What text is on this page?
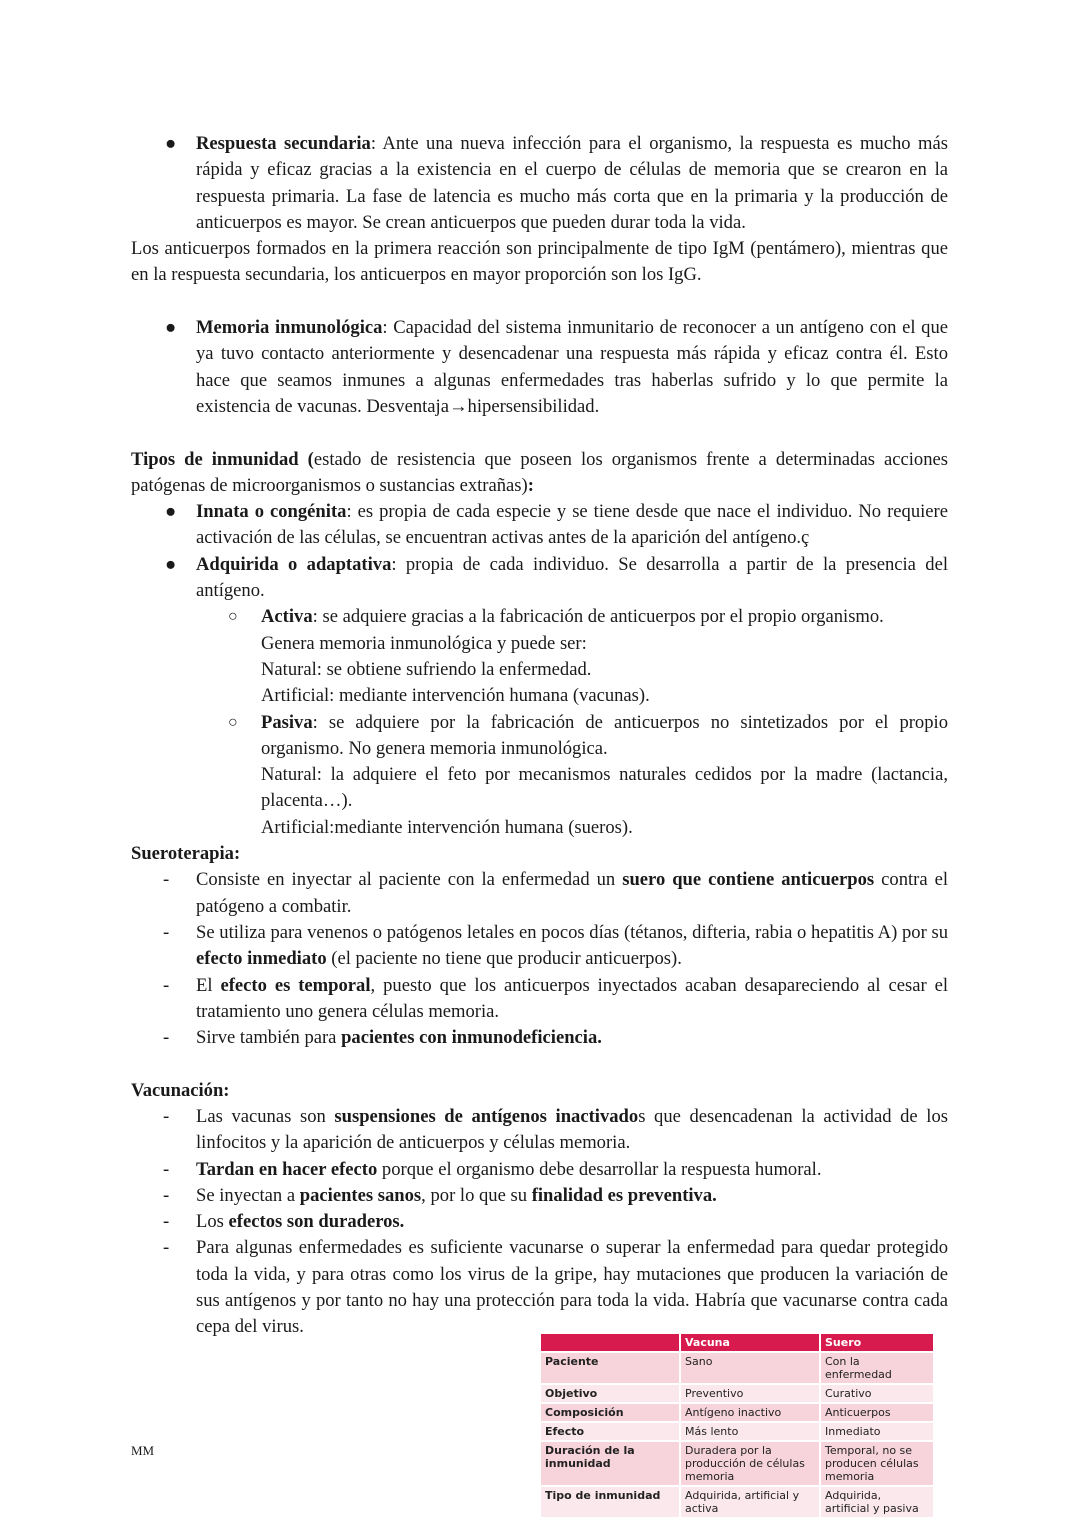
● Respuesta secundaria: Ante una nueva infección para el organismo, la respuesta es mucho más rápida y eficaz gracias a la existencia en el cuerpo de células de memoria que se crearon en la respuesta primaria. La fase de latencia es mucho más corta que en la primaria y la producción de anticuerpos es mayor. Se crean anticuerpos que pueden durar toda la vida.

Los anticuerpos formados en la primera reacción son principalmente de tipo IgM (pentámero), mientras que en la respuesta secundaria, los anticuerpos en mayor proporción son los IgG.

● Memoria inmunológica: Capacidad del sistema inmunitario de reconocer a un antígeno con el que ya tuvo contacto anteriormente y desencadenar una respuesta más rápida y eficaz contra él. Esto hace que seamos inmunes a algunas enfermedades tras haberlas sufrido y lo que permite la existencia de vacunas. Desventaja→hipersensibilidad.

Tipos de inmunidad (estado de resistencia que poseen los organismos frente a determinadas acciones patógenas de microorganismos o sustancias extrañas):

● Innata o congénita: es propia de cada especie y se tiene desde que nace el individuo. No requiere activación de las células, se encuentran activas antes de la aparición del antígeno.ç
● Adquirida o adaptativa: propia de cada individuo. Se desarrolla a partir de la presencia del antígeno.
○ Activa: se adquiere gracias a la fabricación de anticuerpos por el propio organismo.
Genera memoria inmunológica y puede ser:
Natural: se obtiene sufriendo la enfermedad.
Artificial: mediante intervención humana (vacunas).
○ Pasiva: se adquiere por la fabricación de anticuerpos no sintetizados por el propio organismo. No genera memoria inmunológica.
Natural: la adquiere el feto por mecanismos naturales cedidos por la madre (lactancia, placenta…).
Artificial:mediante intervención humana (sueros).

Sueroterapia:

- Consiste en inyectar al paciente con la enfermedad un suero que contiene anticuerpos contra el patógeno a combatir.
- Se utiliza para venenos o patógenos letales en pocos días (tétanos, difteria, rabia o hepatitis A) por su efecto inmediato (el paciente no tiene que producir anticuerpos).
- El efecto es temporal, puesto que los anticuerpos inyectados acaban desapareciendo al cesar el tratamiento uno genera células memoria.
- Sirve también para pacientes con inmunodeficiencia.

Vacunación:

- Las vacunas son suspensiones de antígenos inactivados que desencadenan la actividad de los linfocitos y la aparición de anticuerpos y células memoria.
- Tardan en hacer efecto porque el organismo debe desarrollar la respuesta humoral.
- Se inyectan a pacientes sanos, por lo que su finalidad es preventiva.
- Los efectos son duraderos.
- Para algunas enfermedades es suficiente vacunarse o superar la enfermedad para quedar protegido toda la vida, y para otras como los virus de la gripe, hay mutaciones que producen la variación de sus antígenos y por tanto no hay una protección para toda la vida. Habría que vacunarse contra cada cepa del virus.
	Vacuna	Suero
Paciente	Sano	Con la enfermedad
Objetivo	Preventivo	Curativo
Composición	Antígeno inactivo	Anticuerpos
Efecto	Más lento	Inmediato
Duración de la inmunidad	Duradera por la producción de células memoria	Temporal, no se producen células memoria
Tipo de inmunidad	Adquirida, artificial y activa	Adquirida, artificial y pasiva
MM
